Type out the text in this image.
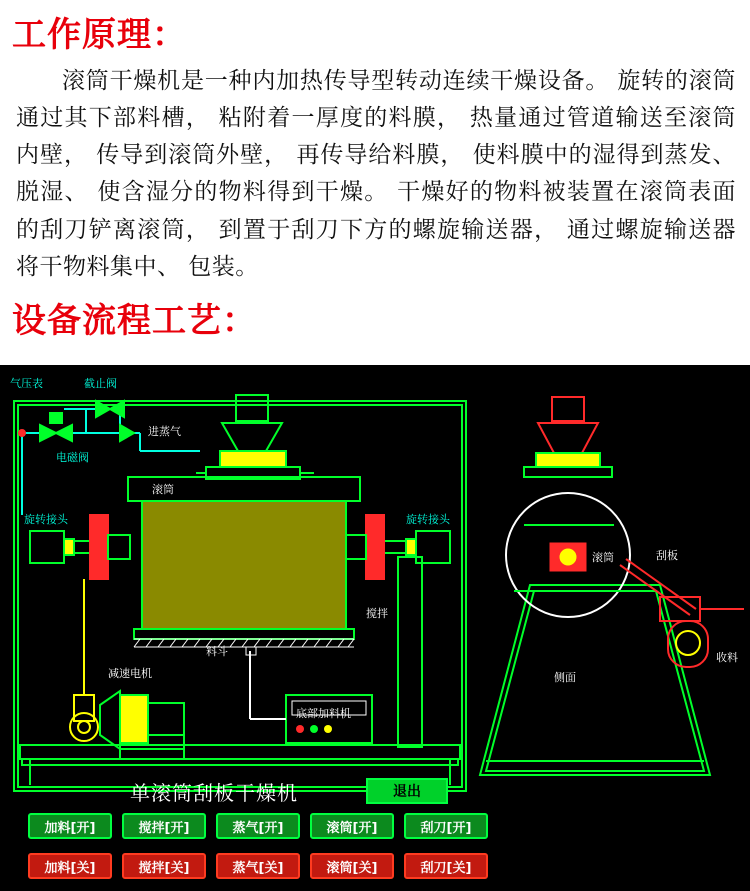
工作原理：
滚筒干燥机是一种内加热传导型转动连续干燥设备。 旋转的滚筒通过其下部料槽， 粘附着一厚度的料膜， 热量通过管道输送至滚筒内壁， 传导到滚筒外壁， 再传导给料膜， 使料膜中的湿得到蒸发、 脱湿、 使含湿分的物料得到干燥。 干燥好的物料被装置在滚筒表面的刮刀铲离滚筒， 到置于刮刀下方的螺旋输送器， 通过螺旋输送器将干物料集中、 包装。
设备流程工艺：
气压表	截止阀
进蒸气
电磁阀
旋转接头	旋转接头
滚筒
料斗
搅拌
减速电机
底部加料机
刮板
滚筒
侧面
收料
单滚筒刮板干燥机	退出
加料[开]	搅拌[开]	蒸气[开]	滚筒[开]	刮刀[开]
加料[关]	搅拌[关]	蒸气[关]	滚筒[关]	刮刀[关]
